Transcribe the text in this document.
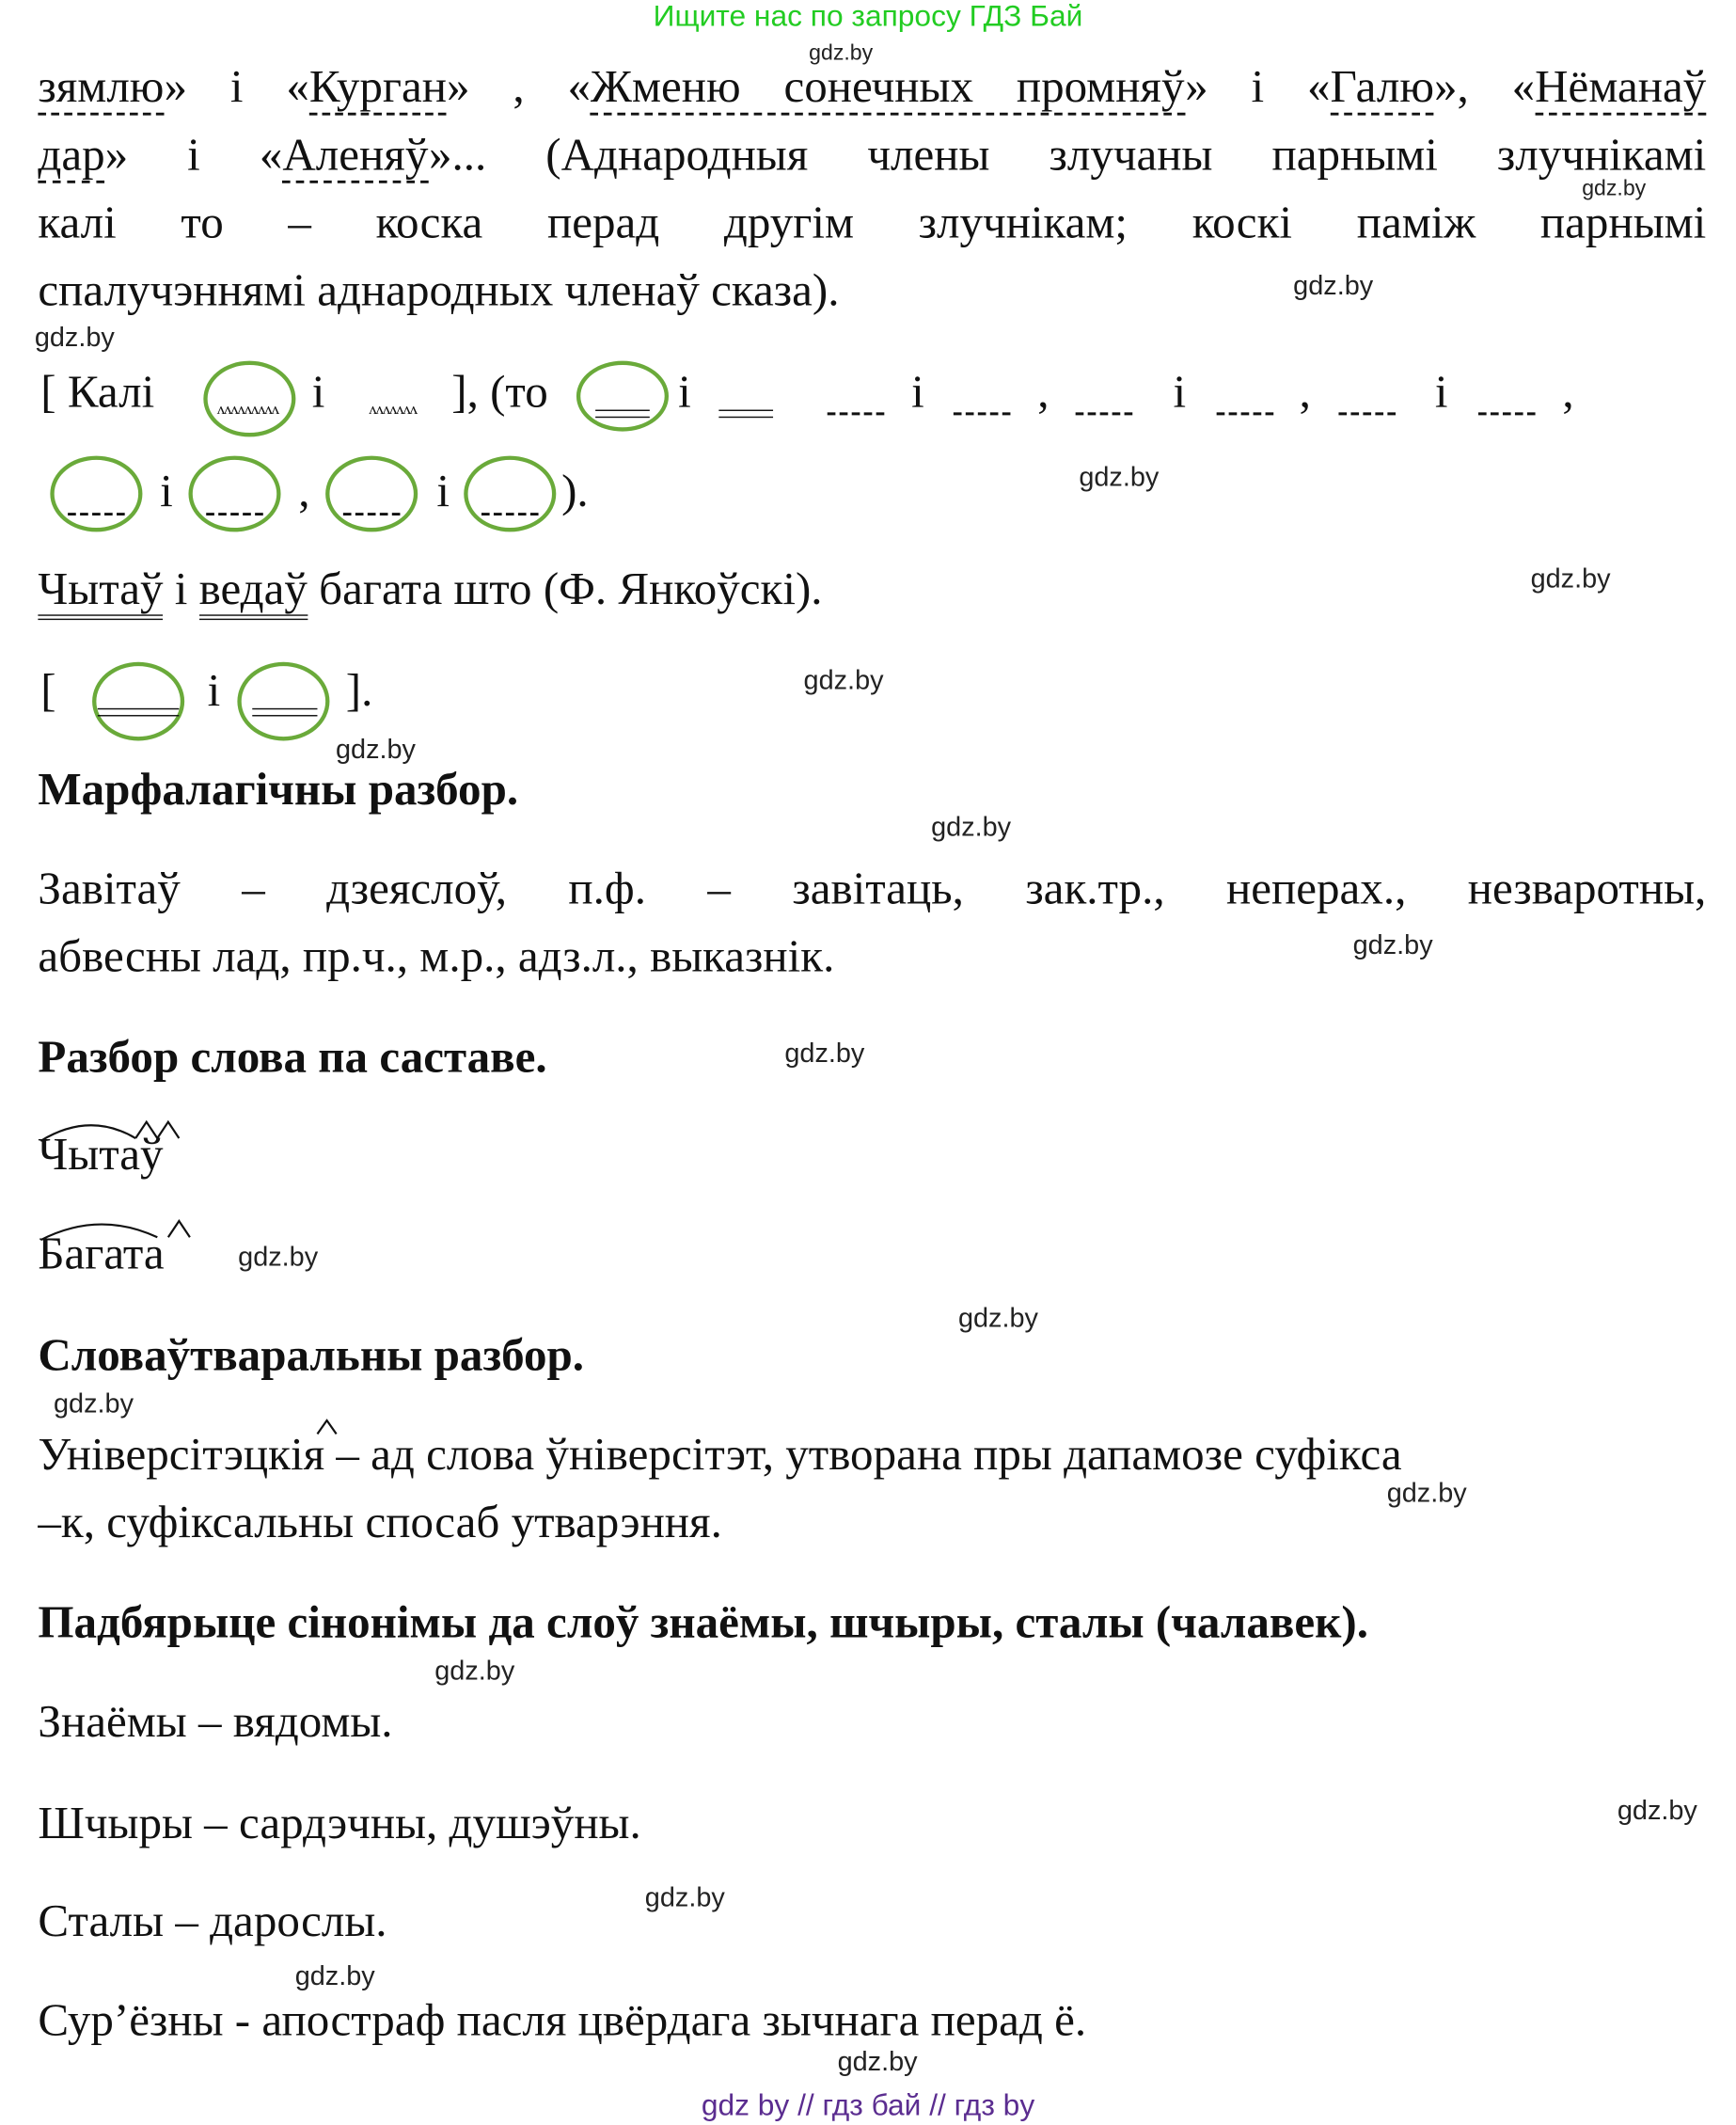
Ищите нас по запросу ГДЗ Бай
gdz.by
gdz.by
gdz.by
gdz.by
gdz.by
gdz.by
gdz.by
gdz.by
gdz.by
gdz.by
gdz.by
gdz.by
gdz.by
gdz.by
gdz.by
gdz.by
gdz.by
gdz.by
gdz.by
gdz.by
зямлю» і «Курган» , «Жменю сонечных промняў» і «Галю», «Нёманаў
дар» і «Аленяў»... (Аднародныя члены злучаны парнымі злучнікамі
калі то – коска перад другім злучнікам; коскі паміж парнымі
спалучэннямі аднародных членаў сказа).
[ Калі	ʌʌʌʌʌʌʌʌʌ і	ʌʌʌʌʌʌʌ ], (то	і	і	,	і	,	і	,
і	,	і	).
Чытаў і ведаў багата што (Ф. Янкоўскі).
[	і	].
Марфалагічны разбор.
Завітаў – дзеяслоў, п.ф. – завітаць, зак.тр., неперах., незваротны,
абвесны лад, пр.ч., м.р., адз.л., выказнік.
Разбор слова па саставе.
Чытаў
Багата
Словаўтваральны разбор.
Універсітэцкія
– ад слова ўніверсітэт, утворана пры дапамозе суфікса
–к, суфіксальны спосаб утварэння.
Падбярыце сінонімы да слоў знаёмы, шчыры, сталы (чалавек).
Знаёмы – вядомы.
Шчыры – сардэчны, душэўны.
Сталы – дарослы.
Сур’ёзны - апостраф пасля цвёрдага зычнага перад ё.
gdz by // гдз бай // гдз by
